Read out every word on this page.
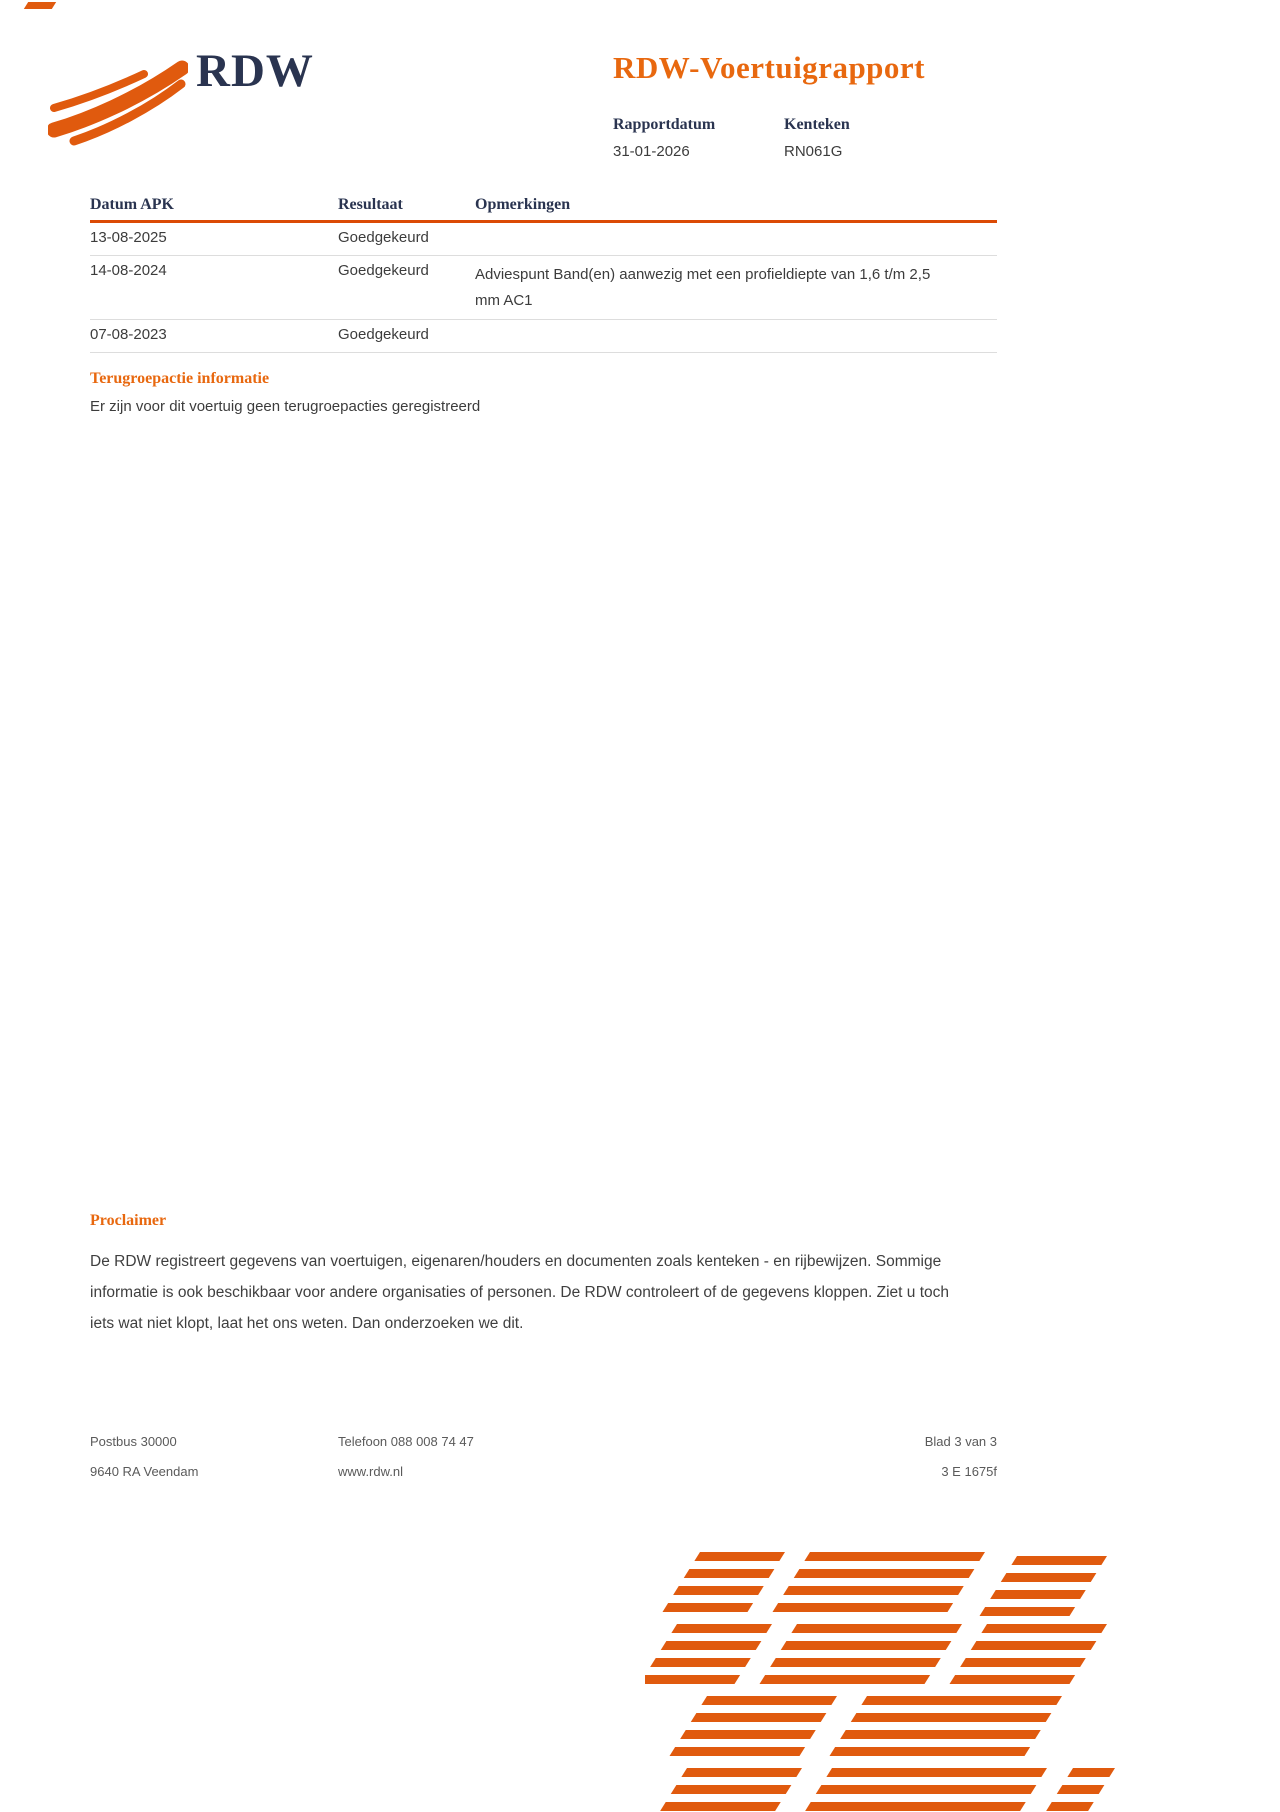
RDW	RDW-Voertuigrapport
Rapportdatum
31-01-2026
Kenteken
RN061G
Datum APK	Resultaat	Opmerkingen
13-08-2025	Goedgekeurd
14-08-2024	Goedgekeurd	Adviespunt Band(en) aanwezig met een profieldiepte van 1,6 t/m 2,5 mm AC1
07-08-2023	Goedgekeurd
Terugroepactie informatie

Er zijn voor dit voertuig geen terugroepacties geregistreerd

Proclaimer

De RDW registreert gegevens van voertuigen, eigenaren/houders en documenten zoals kenteken - en rijbewijzen. Sommige informatie is ook beschikbaar voor andere organisaties of personen. De RDW controleert of de gegevens kloppen. Ziet u toch iets wat niet klopt, laat het ons weten. Dan onderzoeken we dit.

Postbus 30000
9640 RA Veendam
Telefoon 088 008 74 47
www.rdw.nl
Blad 3 van 3
3 E 1675f
